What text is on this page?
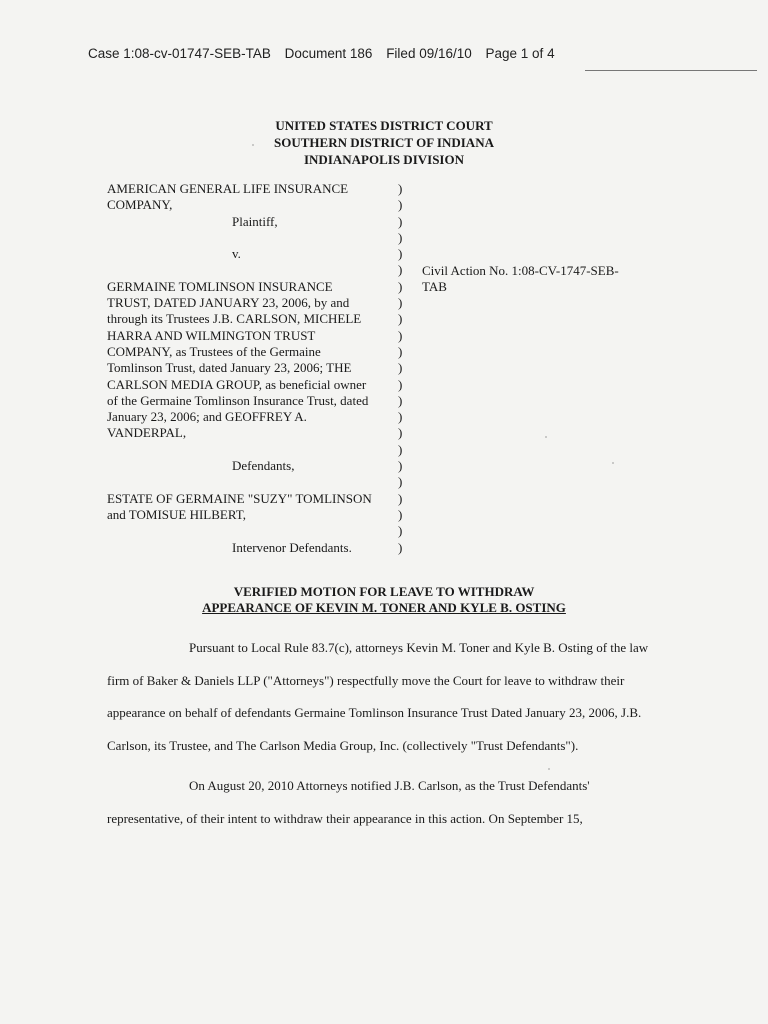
Case 1:08-cv-01747-SEB-TAB Document 186 Filed 09/16/10 Page 1 of 4
UNITED STATES DISTRICT COURT
SOUTHERN DISTRICT OF INDIANA
INDIANAPOLIS DIVISION
AMERICAN GENERAL LIFE INSURANCE
COMPANY,
Plaintiff,
v.
GERMAINE TOMLINSON INSURANCE
TRUST, DATED JANUARY 23, 2006, by and
through its Trustees J.B. CARLSON, MICHELE
HARRA AND WILMINGTON TRUST
COMPANY, as Trustees of the Germaine
Tomlinson Trust, dated January 23, 2006; THE
CARLSON MEDIA GROUP, as beneficial owner
of the Germaine Tomlinson Insurance Trust, dated
January 23, 2006; and GEOFFREY A.
VANDERPAL,
Defendants,
ESTATE OF GERMAINE "SUZY" TOMLINSON
and TOMISUE HILBERT,
Intervenor Defendants.
)
)
)
)
)
)
)
)
)
)
)
)
)
)
)
)
)
)
)
)
)
)
)
Civil Action No. 1:08-CV-1747-SEB-
TAB
VERIFIED MOTION FOR LEAVE TO WITHDRAW
APPEARANCE OF KEVIN M. TONER AND KYLE B. OSTING

Pursuant to Local Rule 83.7(c), attorneys Kevin M. Toner and Kyle B. Osting of the law firm of Baker & Daniels LLP ("Attorneys") respectfully move the Court for leave to withdraw their appearance on behalf of defendants Germaine Tomlinson Insurance Trust Dated January 23, 2006, J.B. Carlson, its Trustee, and The Carlson Media Group, Inc. (collectively "Trust Defendants").

On August 20, 2010 Attorneys notified J.B. Carlson, as the Trust Defendants' representative, of their intent to withdraw their appearance in this action. On September 15,
